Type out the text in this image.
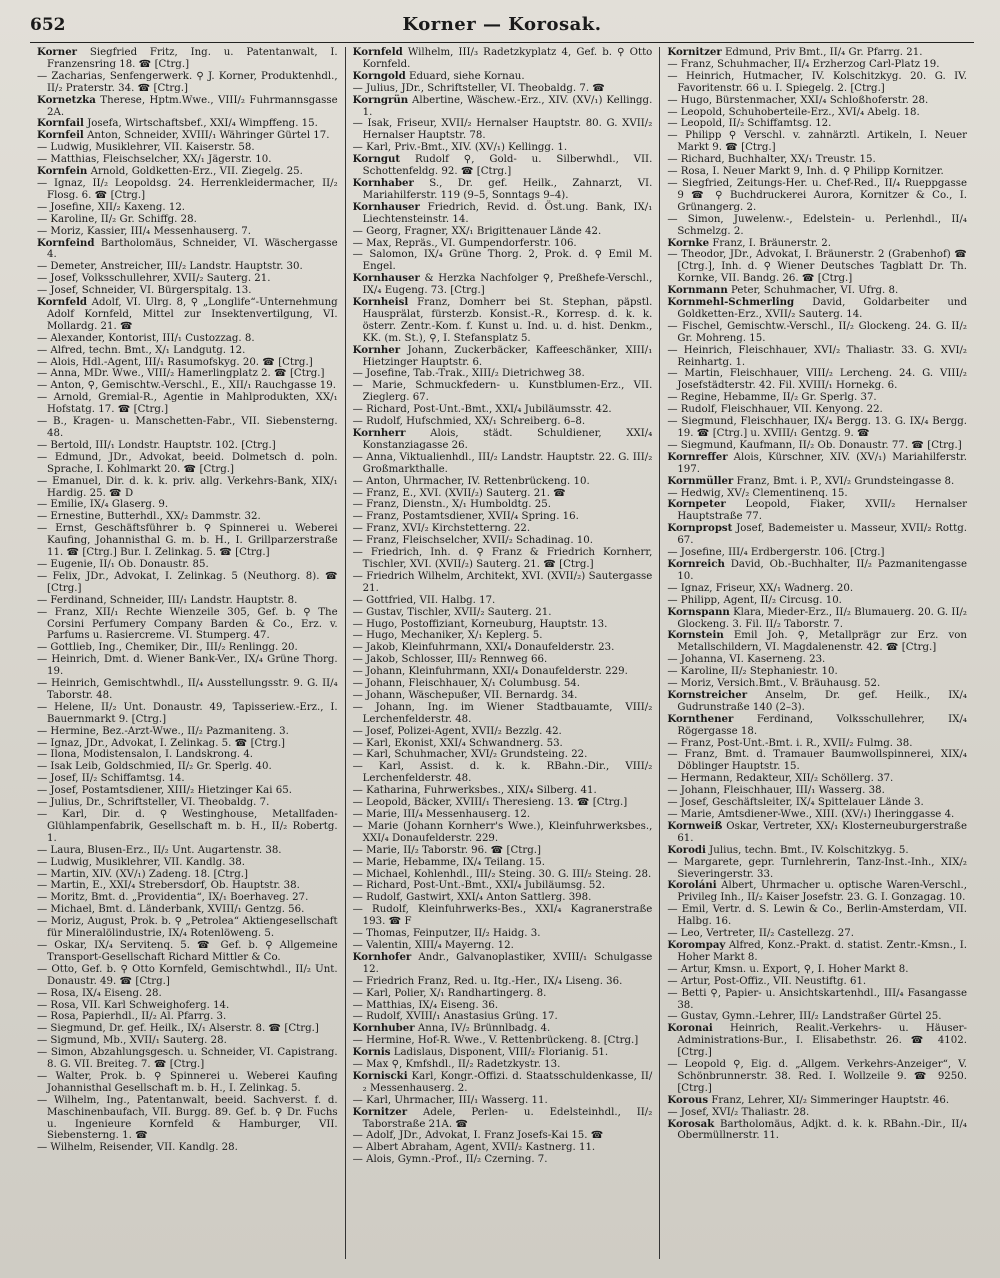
652	Korner — Korosak.

Korner Siegfried Fritz, Ing. u. Patentanwalt, I. Franzensring 18. ☎ [Ctrg.]

— Zacharias, Senfengerwerk. ⚲ J. Korner, Produktenhdl., II/₂ Praterstr. 34. ☎ [Ctrg.]

Kornetzka Therese, Hptm.Wwe., VIII/₂ Fuhrmannsgasse 2A.

Kornfail Josefa, Wirtschaftsbef., XXI/₄ Wimpffeng. 15.

Kornfeil Anton, Schneider, XVIII/₁ Währinger Gürtel 17.

— Ludwig, Musiklehrer, VII. Kaiserstr. 58.

— Matthias, Fleischselcher, XX/₁ Jägerstr. 10.

Kornfein Arnold, Goldketten-Erz., VII. Ziegelg. 25.

— Ignaz, II/₂ Leopoldsg. 24. Herrenkleidermacher, II/₂ Flosg. 6. ☎ [Ctrg.]

— Josefine, XII/₂ Kaxeng. 12.

— Karoline, II/₂ Gr. Schiffg. 28.

— Moriz, Kassier, III/₄ Messenhauserg. 7.

Kornfeind Bartholomäus, Schneider, VI. Wäschergasse 4.

— Demeter, Anstreicher, III/₂ Landstr. Hauptstr. 30.

— Josef, Volksschullehrer, XVII/₂ Sauterg. 21.

— Josef, Schneider, VI. Bürgerspitalg. 13.

Kornfeld Adolf, VI. Ulrg. 8, ⚲ „Longlife“-Unternehmung Adolf Kornfeld, Mittel zur Insektenvertilgung, VI. Mollardg. 21. ☎

— Alexander, Kontorist, III/₁ Custozzag. 8.

— Alfred, techn. Bmt., X/₁ Landgutg. 12.

— Alois, Hdl.-Agent, III/₁ Rasumofskyg. 20. ☎ [Ctrg.]

— Anna, MDr. Wwe., VIII/₂ Hamerlingplatz 2. ☎ [Ctrg.]

— Anton, ⚲, Gemischtw.-Verschl., E., XII/₁ Rauchgasse 19.

— Arnold, Gremial-R., Agentie in Mahlprodukten, XX/₁ Hofstatg. 17. ☎ [Ctrg.]

— B., Kragen- u. Manschetten-Fabr., VII. Siebensterng. 48.

— Bertold, III/₁ Londstr. Hauptstr. 102. [Ctrg.]

— Edmund, JDr., Advokat, beeid. Dolmetsch d. poln. Sprache, I. Kohlmarkt 20. ☎ [Ctrg.]

— Emanuel, Dir. d. k. k. priv. allg. Verkehrs-Bank, XIX/₁ Hardig. 25. ☎ D

— Emilie, IX/₄ Glaserg. 9.

— Ernestine, Butterhdl., XX/₂ Dammstr. 32.

— Ernst, Geschäftsführer b. ⚲ Spinnerei u. Weberei Kaufing, Johannisthal G. m. b. H., I. Grillparzerstraße 11. ☎ [Ctrg.] Bur. I. Zelinkag. 5. ☎ [Ctrg.]

— Eugenie, II/₁ Ob. Donaustr. 85.

— Felix, JDr., Advokat, I. Zelinkag. 5 (Neuthorg. 8). ☎ [Ctrg.]

— Ferdinand, Schneider, III/₁ Landstr. Hauptstr. 8.

— Franz, XII/₁ Rechte Wienzeile 305, Gef. b. ⚲ The Corsini Perfumery Company Barden & Co., Erz. v. Parfums u. Rasiercreme. VI. Stumperg. 47.

— Gottlieb, Ing., Chemiker, Dir., III/₂ Renlingg. 20.

— Heinrich, Dmt. d. Wiener Bank-Ver., IX/₄ Grüne Thorg. 19.

— Heinrich, Gemischtwhdl., II/₄ Ausstellungsstr. 9. G. II/₄ Taborstr. 48.

— Helene, II/₂ Unt. Donaustr. 49, Tapisseriew.-Erz., I. Bauernmarkt 9. [Ctrg.]

— Hermine, Bez.-Arzt-Wwe., II/₂ Pazmaniteng. 3.

— Ignaz, JDr., Advokat, I. Zelinkag. 5. ☎ [Ctrg.]

— Ilona, Modistensalon, I. Landskrong. 4.

— Isak Leib, Goldschmied, II/₂ Gr. Sperlg. 40.

— Josef, II/₂ Schiffamtsg. 14.

— Josef, Postamtsdiener, XIII/₂ Hietzinger Kai 65.

— Julius, Dr., Schriftsteller, VI. Theobaldg. 7.

— Karl, Dir. d. ⚲ Westinghouse, Metallfaden-Glühlampenfabrik, Gesellschaft m. b. H., II/₂ Robertg. 1.

— Laura, Blusen-Erz., II/₂ Unt. Augartenstr. 38.

— Ludwig, Musiklehrer, VII. Kandlg. 38.

— Martin, XIV. (XV/₁) Zadeng. 18. [Ctrg.]

— Martin, E., XXI/₄ Strebersdorf, Ob. Hauptstr. 38.

— Moritz, Bmt. d. „Providentia“, IX/₁ Boerhaveg. 27.

— Michael, Bmt. d. Länderbank, XVIII/₁ Gentzg. 56.

— Moriz, August, Prok. b. ⚲ „Petrolea“ Aktiengesellschaft für Mineralölindustrie, IX/₄ Rotenlöweng. 5.

— Oskar, IX/₄ Servitenq. 5. ☎ Gef. b. ⚲ Allgemeine Transport-Gesellschaft Richard Mittler & Co.

— Otto, Gef. b. ⚲ Otto Kornfeld, Gemischtwhdl., II/₂ Unt. Donaustr. 49. ☎ [Ctrg.]

— Rosa, IX/₄ Eiseng. 28.

— Rosa, VII. Karl Schweighoferg. 14.

— Rosa, Papierhdl., II/₂ Al. Pfarrg. 3.

— Siegmund, Dr. gef. Heilk., IX/₁ Alserstr. 8. ☎ [Ctrg.]

— Sigmund, Mb., XVII/₁ Sauterg. 28.

— Simon, Abzahlungsgesch. u. Schneider, VI. Capistrang. 8. G. VII. Breiteg. 7. ☎ [Ctrg.]

— Walter, Prok. b. ⚲ Spinnerei u. Weberei Kaufing Johannisthal Gesellschaft m. b. H., I. Zelinkag. 5.

— Wilhelm, Ing., Patentanwalt, beeid. Sachverst. f. d. Maschinenbaufach, VII. Burgg. 89. Gef. b. ⚲ Dr. Fuchs u. Ingenieure Kornfeld & Hamburger, VII. Siebensterng. 1. ☎

— Wilhelm, Reisender, VII. Kandlg. 28.

Kornfeld Wilhelm, III/₃ Radetzkyplatz 4, Gef. b. ⚲ Otto Kornfeld.

Korngold Eduard, siehe Kornau.

— Julius, JDr., Schriftsteller, VI. Theobaldg. 7. ☎

Korngrün Albertine, Wäschew.-Erz., XIV. (XV/₁) Kellingg. 1.

— Isak, Friseur, XVII/₂ Hernalser Hauptstr. 80. G. XVII/₂ Hernalser Hauptstr. 78.

— Karl, Priv.-Bmt., XIV. (XV/₁) Kellingg. 1.

Korngut Rudolf ⚲, Gold- u. Silberwhdl., VII. Schottenfeldg. 92. ☎ [Ctrg.]

Kornhaber S., Dr. gef. Heilk., Zahnarzt, VI. Mariahilferstr. 119 (9–5, Sonntags 9–4).

Kornhauser Friedrich, Revid. d. Öst.ung. Bank, IX/₁ Liechtensteinstr. 14.

— Georg, Fragner, XX/₁ Brigittenauer Lände 42.

— Max, Repräs., VI. Gumpendorferstr. 106.

— Salomon, IX/₄ Grüne Thorg. 2, Prok. d. ⚲ Emil M. Engel.

Kornhauser & Herzka Nachfolger ⚲, Preßhefe-Verschl., IX/₄ Eugeng. 73. [Ctrg.]

Kornheisl Franz, Domherr bei St. Stephan, päpstl. Hausprälat, fürsterzb. Konsist.-R., Korresp. d. k. k. österr. Zentr.-Kom. f. Kunst u. Ind. u. d. hist. Denkm., KK. (m. St.), ⚲, I. Stefansplatz 5.

Kornher Johann, Zuckerbäcker, Kaffeeschänker, XIII/₁ Hietzinger Hauptstr. 6.

— Josefine, Tab.-Trak., XIII/₂ Dietrichweg 38.

— Marie, Schmuckfedern- u. Kunstblumen-Erz., VII. Zieglerg. 67.

— Richard, Post-Unt.-Bmt., XXI/₄ Jubiläumsstr. 42.

— Rudolf, Hufschmied, XX/₁ Schreiberg. 6–8.

Kornherr Alois, städt. Schuldiener, XXI/₄ Konstanziagasse 26.

— Anna, Viktualienhdl., III/₂ Landstr. Hauptstr. 22. G. III/₂ Großmarkthalle.

— Anton, Uhrmacher, IV. Rettenbrückeng. 10.

— Franz, E., XVI. (XVII/₂) Sauterg. 21. ☎

— Franz, Dienstn., X/₁ Humboldtg. 25.

— Franz, Postamtsdiener, XVII/₄ Spring. 16.

— Franz, XVI/₂ Kirchstetterng. 22.

— Franz, Fleischselcher, XVII/₂ Schadinag. 10.

— Friedrich, Inh. d. ⚲ Franz & Friedrich Kornherr, Tischler, XVI. (XVII/₂) Sauterg. 21. ☎ [Ctrg.]

— Friedrich Wilhelm, Architekt, XVI. (XVII/₂) Sautergasse 21.

— Gottfried, VII. Halbg. 17.

— Gustav, Tischler, XVII/₂ Sauterg. 21.

— Hugo, Postoffiziant, Korneuburg, Hauptstr. 13.

— Hugo, Mechaniker, X/₁ Keplerg. 5.

— Jakob, Kleinfuhrmann, XXI/₄ Donaufelderstr. 23.

— Jakob, Schlosser, III/₂ Rennweg 66.

— Johann, Kleinfuhrmann, XXI/₄ Donaufelderstr. 229.

— Johann, Fleischhauer, X/₁ Columbusg. 54.

— Johann, Wäschepußer, VII. Bernardg. 34.

— Johann, Ing. im Wiener Stadtbauamte, VIII/₂ Lerchenfelderstr. 48.

— Josef, Polizei-Agent, XVII/₂ Bezzlg. 42.

— Karl, Ekonist, XXI/₄ Schwandnerg. 53.

— Karl, Schuhmacher, XVI/₂ Grundsteing. 22.

— Karl, Assist. d. k. k. RBahn.-Dir., VIII/₂ Lerchenfelderstr. 48.

— Katharina, Fuhrwerksbes., XIX/₄ Silberg. 41.

— Leopold, Bäcker, XVIII/₁ Theresieng. 13. ☎ [Ctrg.]

— Marie, III/₄ Messenhauserg. 12.

— Marie (Johann Kornherr's Wwe.), Kleinfuhrwerksbes., XXI/₄ Donaufelderstr. 229.

— Marie, II/₂ Taborstr. 96. ☎ [Ctrg.]

— Marie, Hebamme, IX/₄ Teilang. 15.

— Michael, Kohlenhdl., III/₂ Steing. 30. G. III/₂ Steing. 28.

— Richard, Post-Unt.-Bmt., XXI/₄ Jubiläumsg. 52.

— Rudolf, Gastwirt, XXI/₄ Anton Sattlerg. 398.

— Rudolf, Kleinfuhrwerks-Bes., XXI/₄ Kagranerstraße 193. ☎ F

— Thomas, Feinputzer, II/₂ Haidg. 3.

— Valentin, XIII/₄ Mayerng. 12.

Kornhofer Andr., Galvanoplastiker, XVIII/₁ Schulgasse 12.

— Friedrich Franz, Red. u. Itg.-Her., IX/₄ Liseng. 36.

— Karl, Polier, X/₁ Randhartingerg. 8.

— Matthias, IX/₄ Eiseng. 36.

— Rudolf, XVIII/₁ Anastasius Grüng. 17.

Kornhuber Anna, IV/₂ Brünnlbadg. 4.

— Hermine, Hof-R. Wwe., V. Rettenbrückeng. 8. [Ctrg.]

Kornis Ladislaus, Disponent, VIII/₂ Florianig. 51.

— Max ⚲, Kmfshdl., II/₂ Radetzkystr. 13.

Korniscki Karl, Kongr.-Offizi. d. Staatsschuldenkasse, II/₂ Messenhauserg. 2.

— Karl, Uhrmacher, III/₁ Wasserg. 11.

Kornitzer Adele, Perlen- u. Edelsteinhdl., II/₂ Taborstraße 21A. ☎

— Adolf, JDr., Advokat, I. Franz Josefs-Kai 15. ☎

— Albert Abraham, Agent, XVII/₂ Kastnerg. 11.

— Alois, Gymn.-Prof., II/₂ Czerning. 7.

Kornitzer Edmund, Priv Bmt., II/₄ Gr. Pfarrg. 21.

— Franz, Schuhmacher, II/₄ Erzherzog Carl-Platz 19.

— Heinrich, Hutmacher, IV. Kolschitzkyg. 20. G. IV. Favoritenstr. 66 u. I. Spiegelg. 2. [Ctrg.]

— Hugo, Bürstenmacher, XXI/₄ Schloßhoferstr. 28.

— Leopold, Schuhoberteile-Erz., XVI/₄ Abelg. 18.

— Leopold, II/₂ Schiffamtsg. 12.

— Philipp ⚲ Verschl. v. zahnärztl. Artikeln, I. Neuer Markt 9. ☎ [Ctrg.]

— Richard, Buchhalter, XX/₁ Treustr. 15.

— Rosa, I. Neuer Markt 9, Inh. d. ⚲ Philipp Kornitzer.

— Siegfried, Zeitungs-Her. u. Chef-Red., II/₄ Rueppgasse 9 ☎ ⚲ Buchdruckerei Aurora, Kornitzer & Co., I. Grünangerg. 2.

— Simon, Juwelenw.-, Edelstein- u. Perlenhdl., II/₄ Schmelzg. 2.

Kornke Franz, I. Bräunerstr. 2.

— Theodor, JDr., Advokat, I. Bräunerstr. 2 (Grabenhof) ☎ [Ctrg.], Inh. d. ⚲ Wiener Deutsches Tagblatt Dr. Th. Kornke, VII. Bandg. 26. ☎ [Ctrg.]

Kornmann Peter, Schuhmacher, VI. Ufrg. 8.

Kornmehl-Schmerling David, Goldarbeiter und Goldketten-Erz., XVII/₂ Sauterg. 14.

— Fischel, Gemischtw.-Verschl., II/₂ Glockeng. 24. G. II/₂ Gr. Mohreng. 15.

— Heinrich, Fleischhauer, XVI/₂ Thaliastr. 33. G. XVI/₂ Reinhartg. 1.

— Martin, Fleischhauer, VIII/₂ Lercheng. 24. G. VIII/₂ Josefstädterstr. 42. Fil. XVIII/₁ Hornekg. 6.

— Regine, Hebamme, II/₂ Gr. Sperlg. 37.

— Rudolf, Fleischhauer, VII. Kenyong. 22.

— Siegmund, Fleischhauer, IX/₄ Bergg. 13. G. IX/₄ Bergg. 19. ☎ [Ctrg.] u. XVIII/₁ Gentzg. 9. ☎

— Siegmund, Kaufmann, II/₂ Ob. Donaustr. 77. ☎ [Ctrg.]

Kornreffer Alois, Kürschner, XIV. (XV/₁) Mariahilferstr. 197.

Kornmüller Franz, Bmt. i. P., XVI/₂ Grundsteingasse 8.

— Hedwig, XV/₂ Clementinenq. 15.

Kornpeter Leopold, Fiaker, XVII/₂ Hernalser Hauptstraße 77.

Kornpropst Josef, Bademeister u. Masseur, XVII/₂ Rottg. 67.

— Josefine, III/₄ Erdbergerstr. 106. [Ctrg.]

Kornreich David, Ob.-Buchhalter, II/₂ Pazmanitengasse 10.

— Ignaz, Friseur, XX/₁ Wadnerg. 20.

— Philipp, Agent, II/₂ Circusg. 10.

Kornspann Klara, Mieder-Erz., II/₂ Blumauerg. 20. G. II/₂ Glockeng. 3. Fil. II/₂ Taborstr. 7.

Kornstein Emil Joh. ⚲, Metallprägr zur Erz. von Metallschildern, VI. Magdalenenstr. 42. ☎ [Ctrg.]

— Johanna, VI. Kaserneng. 23.

— Karoline, II/₂ Stephaniestr. 10.

— Moriz, Versich.Bmt., V. Bräuhausg. 52.

Kornstreicher Anselm, Dr. gef. Heilk., IX/₄ Gudrunstraße 140 (2–3).

Kornthener Ferdinand, Volksschullehrer, IX/₄ Rögergasse 18.

— Franz, Post-Unt.-Bmt. i. R., XVII/₂ Fulmg. 38.

— Franz, Bmt. d. Tramauer Baumwollspinnerei, XIX/₄ Döblinger Hauptstr. 15.

— Hermann, Redakteur, XII/₂ Schöllerg. 37.

— Johann, Fleischhauer, III/₁ Wasserg. 38.

— Josef, Geschäftsleiter, IX/₄ Spittelauer Lände 3.

— Marie, Amtsdiener-Wwe., XIII. (XV/₁) Iheringgasse 4.

Kornweiß Oskar, Vertreter, XX/₁ Klosterneuburgerstraße 61.

Korodi Julius, techn. Bmt., IV. Kolschitzkyg. 5.

— Margarete, gepr. Turnlehrerin, Tanz-Inst.-Inh., XIX/₂ Sieveringerstr. 33.

Koroláni Albert, Uhrmacher u. optische Waren-Verschl., Privileg Inh., II/₂ Kaiser Josefstr. 23. G. I. Gonzagag. 10.

— Emil, Vertr. d. S. Lewin & Co., Berlin-Amsterdam, VII. Halbg. 16.

— Leo, Vertreter, II/₂ Castellezg. 27.

Korompay Alfred, Konz.-Prakt. d. statist. Zentr.-Kmsn., I. Hoher Markt 8.

— Artur, Kmsn. u. Export, ⚲, I. Hoher Markt 8.

— Artur, Post-Offiz., VII. Neustiftg. 61.

— Betti ⚲, Papier- u. Ansichtskartenhdl., III/₄ Fasangasse 38.

— Gustav, Gymn.-Lehrer, III/₂ Landstraßer Gürtel 25.

Koronai Heinrich, Realit.-Verkehrs- u. Häuser-Administrations-Bur., I. Elisabethstr. 26. ☎ 4102. [Ctrg.]

— Leopold ⚲, Eig. d. „Allgem. Verkehrs-Anzeiger“, V. Schönbrunnerstr. 38. Red. I. Wollzeile 9. ☎ 9250. [Ctrg.]

Korous Franz, Lehrer, XI/₂ Simmeringer Hauptstr. 46.

— Josef, XVI/₂ Thaliastr. 28.

Korosak Bartholomäus, Adjkt. d. k. k. RBahn.-Dir., II/₄ Obermüllnerstr. 11.
